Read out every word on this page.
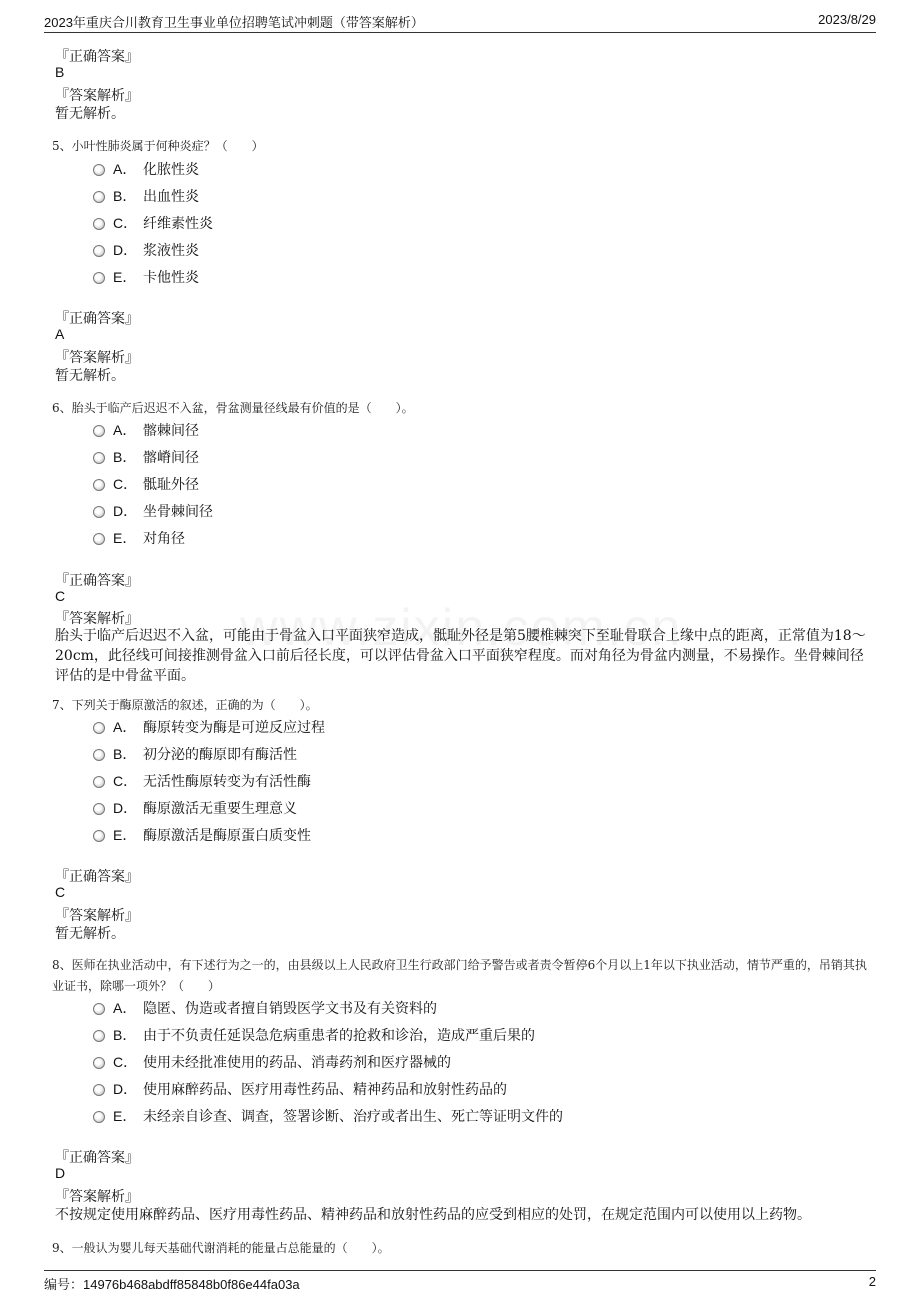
2023年重庆合川教育卫生事业单位招聘笔试冲刺题（带答案解析）	2023/8/29
『正确答案』
B
『答案解析』
暂无解析。
5、小叶性肺炎属于何种炎症？（　　）
A． 化脓性炎
B． 出血性炎
C． 纤维素性炎
D． 浆液性炎
E． 卡他性炎
『正确答案』
A
『答案解析』
暂无解析。
6、胎头于临产后迟迟不入盆，骨盆测量径线最有价值的是（　　）。
A． 髂棘间径
B． 髂嵴间径
C． 骶耻外径
D． 坐骨棘间径
E． 对角径
『正确答案』
C
『答案解析』
胎头于临产后迟迟不入盆，可能由于骨盆入口平面狭窄造成，骶耻外径是第5腰椎棘突下至耻骨联合上缘中点的距离，正常值为18～20cm，此径线可间接推测骨盆入口前后径长度，可以评估骨盆入口平面狭窄程度。而对角径为骨盆内测量，不易操作。坐骨棘间径评估的是中骨盆平面。
7、下列关于酶原激活的叙述，正确的为（　　）。
A． 酶原转变为酶是可逆反应过程
B． 初分泌的酶原即有酶活性
C． 无活性酶原转变为有活性酶
D． 酶原激活无重要生理意义
E． 酶原激活是酶原蛋白质变性
『正确答案』
C
『答案解析』
暂无解析。
8、医师在执业活动中，有下述行为之一的，由县级以上人民政府卫生行政部门给予警告或者责令暂停6个月以上1年以下执业活动，情节严重的，吊销其执业证书，除哪一项外？（　　）
A． 隐匿、伪造或者擅自销毁医学文书及有关资料的
B． 由于不负责任延误急危病重患者的抢救和诊治，造成严重后果的
C． 使用未经批准使用的药品、消毒药剂和医疗器械的
D． 使用麻醉药品、医疗用毒性药品、精神药品和放射性药品的
E． 未经亲自诊查、调查，签署诊断、治疗或者出生、死亡等证明文件的
『正确答案』
D
『答案解析』
不按规定使用麻醉药品、医疗用毒性药品、精神药品和放射性药品的应受到相应的处罚，在规定范围内可以使用以上药物。
9、一般认为婴儿每天基础代谢消耗的能量占总能量的（　　）。
编号：14976b468abdff85848b0f86e44fa03a	2
